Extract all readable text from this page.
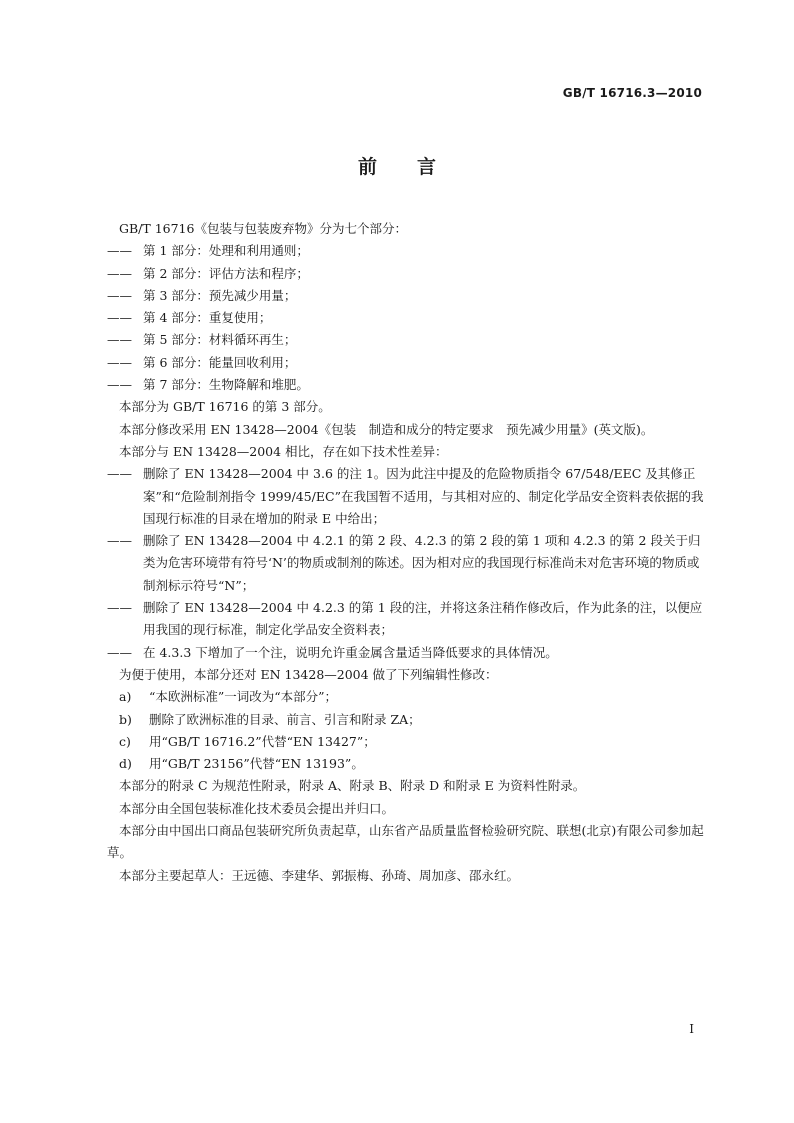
GB/T 16716.3—2010
前言

GB/T 16716《包装与包装废弃物》分为七个部分：

—— 第 1 部分：处理和利用通则；
—— 第 2 部分：评估方法和程序；
—— 第 3 部分：预先减少用量；
—— 第 4 部分：重复使用；
—— 第 5 部分：材料循环再生；
—— 第 6 部分：能量回收利用；
—— 第 7 部分：生物降解和堆肥。

本部分为 GB/T 16716 的第 3 部分。

本部分修改采用 EN 13428—2004《包装　制造和成分的特定要求　预先减少用量》(英文版)。

本部分与 EN 13428—2004 相比，存在如下技术性差异：

—— 删除了 EN 13428—2004 中 3.6 的注 1。因为此注中提及的危险物质指令 67/548/EEC 及其修正案”和“危险制剂指令 1999/45/EC”在我国暂不适用，与其相对应的、制定化学品安全资料表依据的我国现行标准的目录在增加的附录 E 中给出；
—— 删除了 EN 13428—2004 中 4.2.1 的第 2 段、4.2.3 的第 2 段的第 1 项和 4.2.3 的第 2 段关于归类为危害环境带有符号‘N’的物质或制剂的陈述。因为相对应的我国现行标准尚未对危害环境的物质或制剂标示符号“N”；
—— 删除了 EN 13428—2004 中 4.2.3 的第 1 段的注，并将这条注稍作修改后，作为此条的注，以便应用我国的现行标准，制定化学品安全资料表；
—— 在 4.3.3 下增加了一个注，说明允许重金属含量适当降低要求的具体情况。

为便于使用，本部分还对 EN 13428—2004 做了下列编辑性修改：

a)	“本欧洲标准”一词改为“本部分”；
b)	删除了欧洲标准的目录、前言、引言和附录 ZA；
c)	用“GB/T 16716.2”代替“EN 13427”；
d)	用“GB/T 23156”代替“EN 13193”。

本部分的附录 C 为规范性附录，附录 A、附录 B、附录 D 和附录 E 为资料性附录。

本部分由全国包装标准化技术委员会提出并归口。

本部分由中国出口商品包装研究所负责起草，山东省产品质量监督检验研究院、联想(北京)有限公司参加起草。

本部分主要起草人：王远德、李建华、郭振梅、孙琦、周加彦、邵永红。

I
